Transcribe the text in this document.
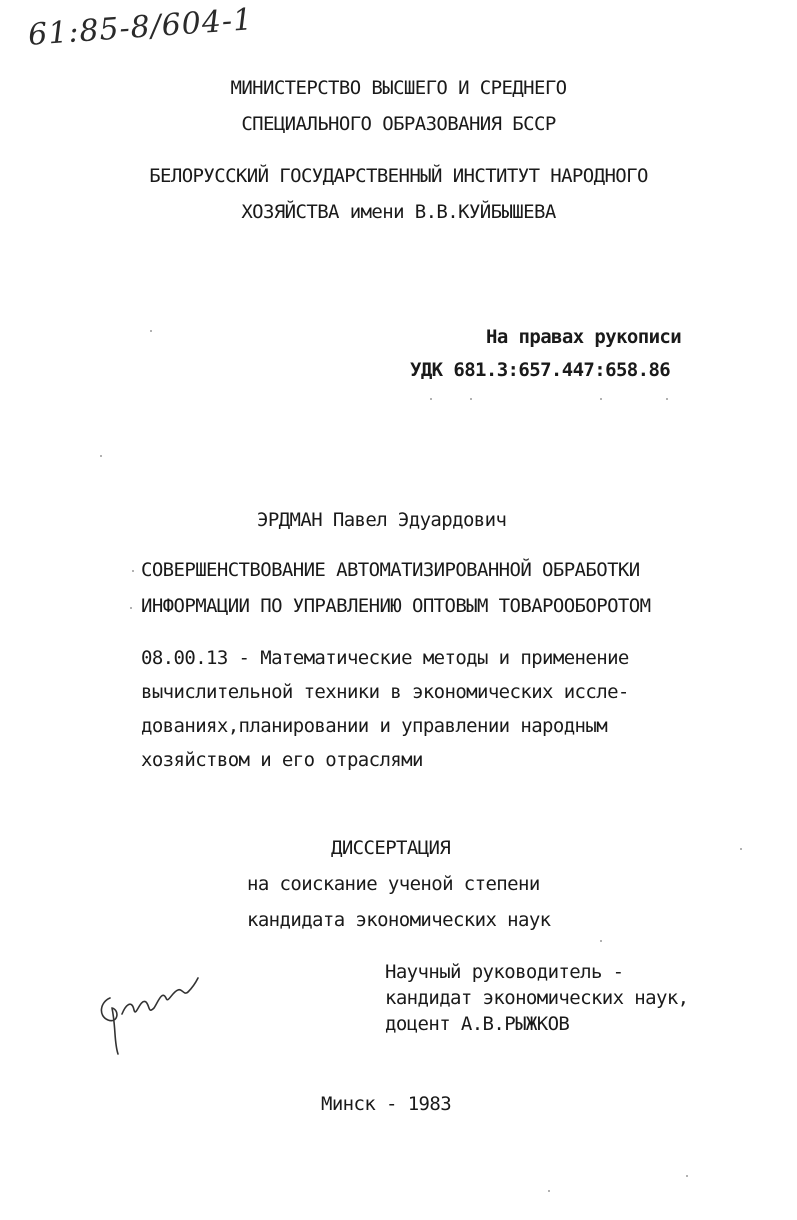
61:85-8/604-1
МИНИСТЕРСТВО ВЫСШЕГО И СРЕДНЕГО
СПЕЦИАЛЬНОГО ОБРАЗОВАНИЯ БССР
БЕЛОРУССКИЙ ГОСУДАРСТВЕННЫЙ ИНСТИТУТ НАРОДНОГО
ХОЗЯЙСТВА имени В.В.КУЙБЫШЕВА
На правах рукописи
УДК 681.3:657.447:658.86
ЭРДМАН Павел Эдуардович
СОВЕРШЕНСТВОВАНИЕ АВТОМАТИЗИРОВАННОЙ ОБРАБОТКИ
ИНФОРМАЦИИ ПО УПРАВЛЕНИЮ ОПТОВЫМ ТОВАРООБОРОТОМ
08.00.13 - Математические методы и применение
вычислительной техники в экономических иссле-
дованиях,планировании и управлении народным
хозяйством и его отраслями
ДИССЕРТАЦИЯ
на соискание ученой степени
кандидата экономических наук
Научный руководитель -
кандидат экономических наук,
доцент А.В.РЫЖКОВ
Минск - 1983
